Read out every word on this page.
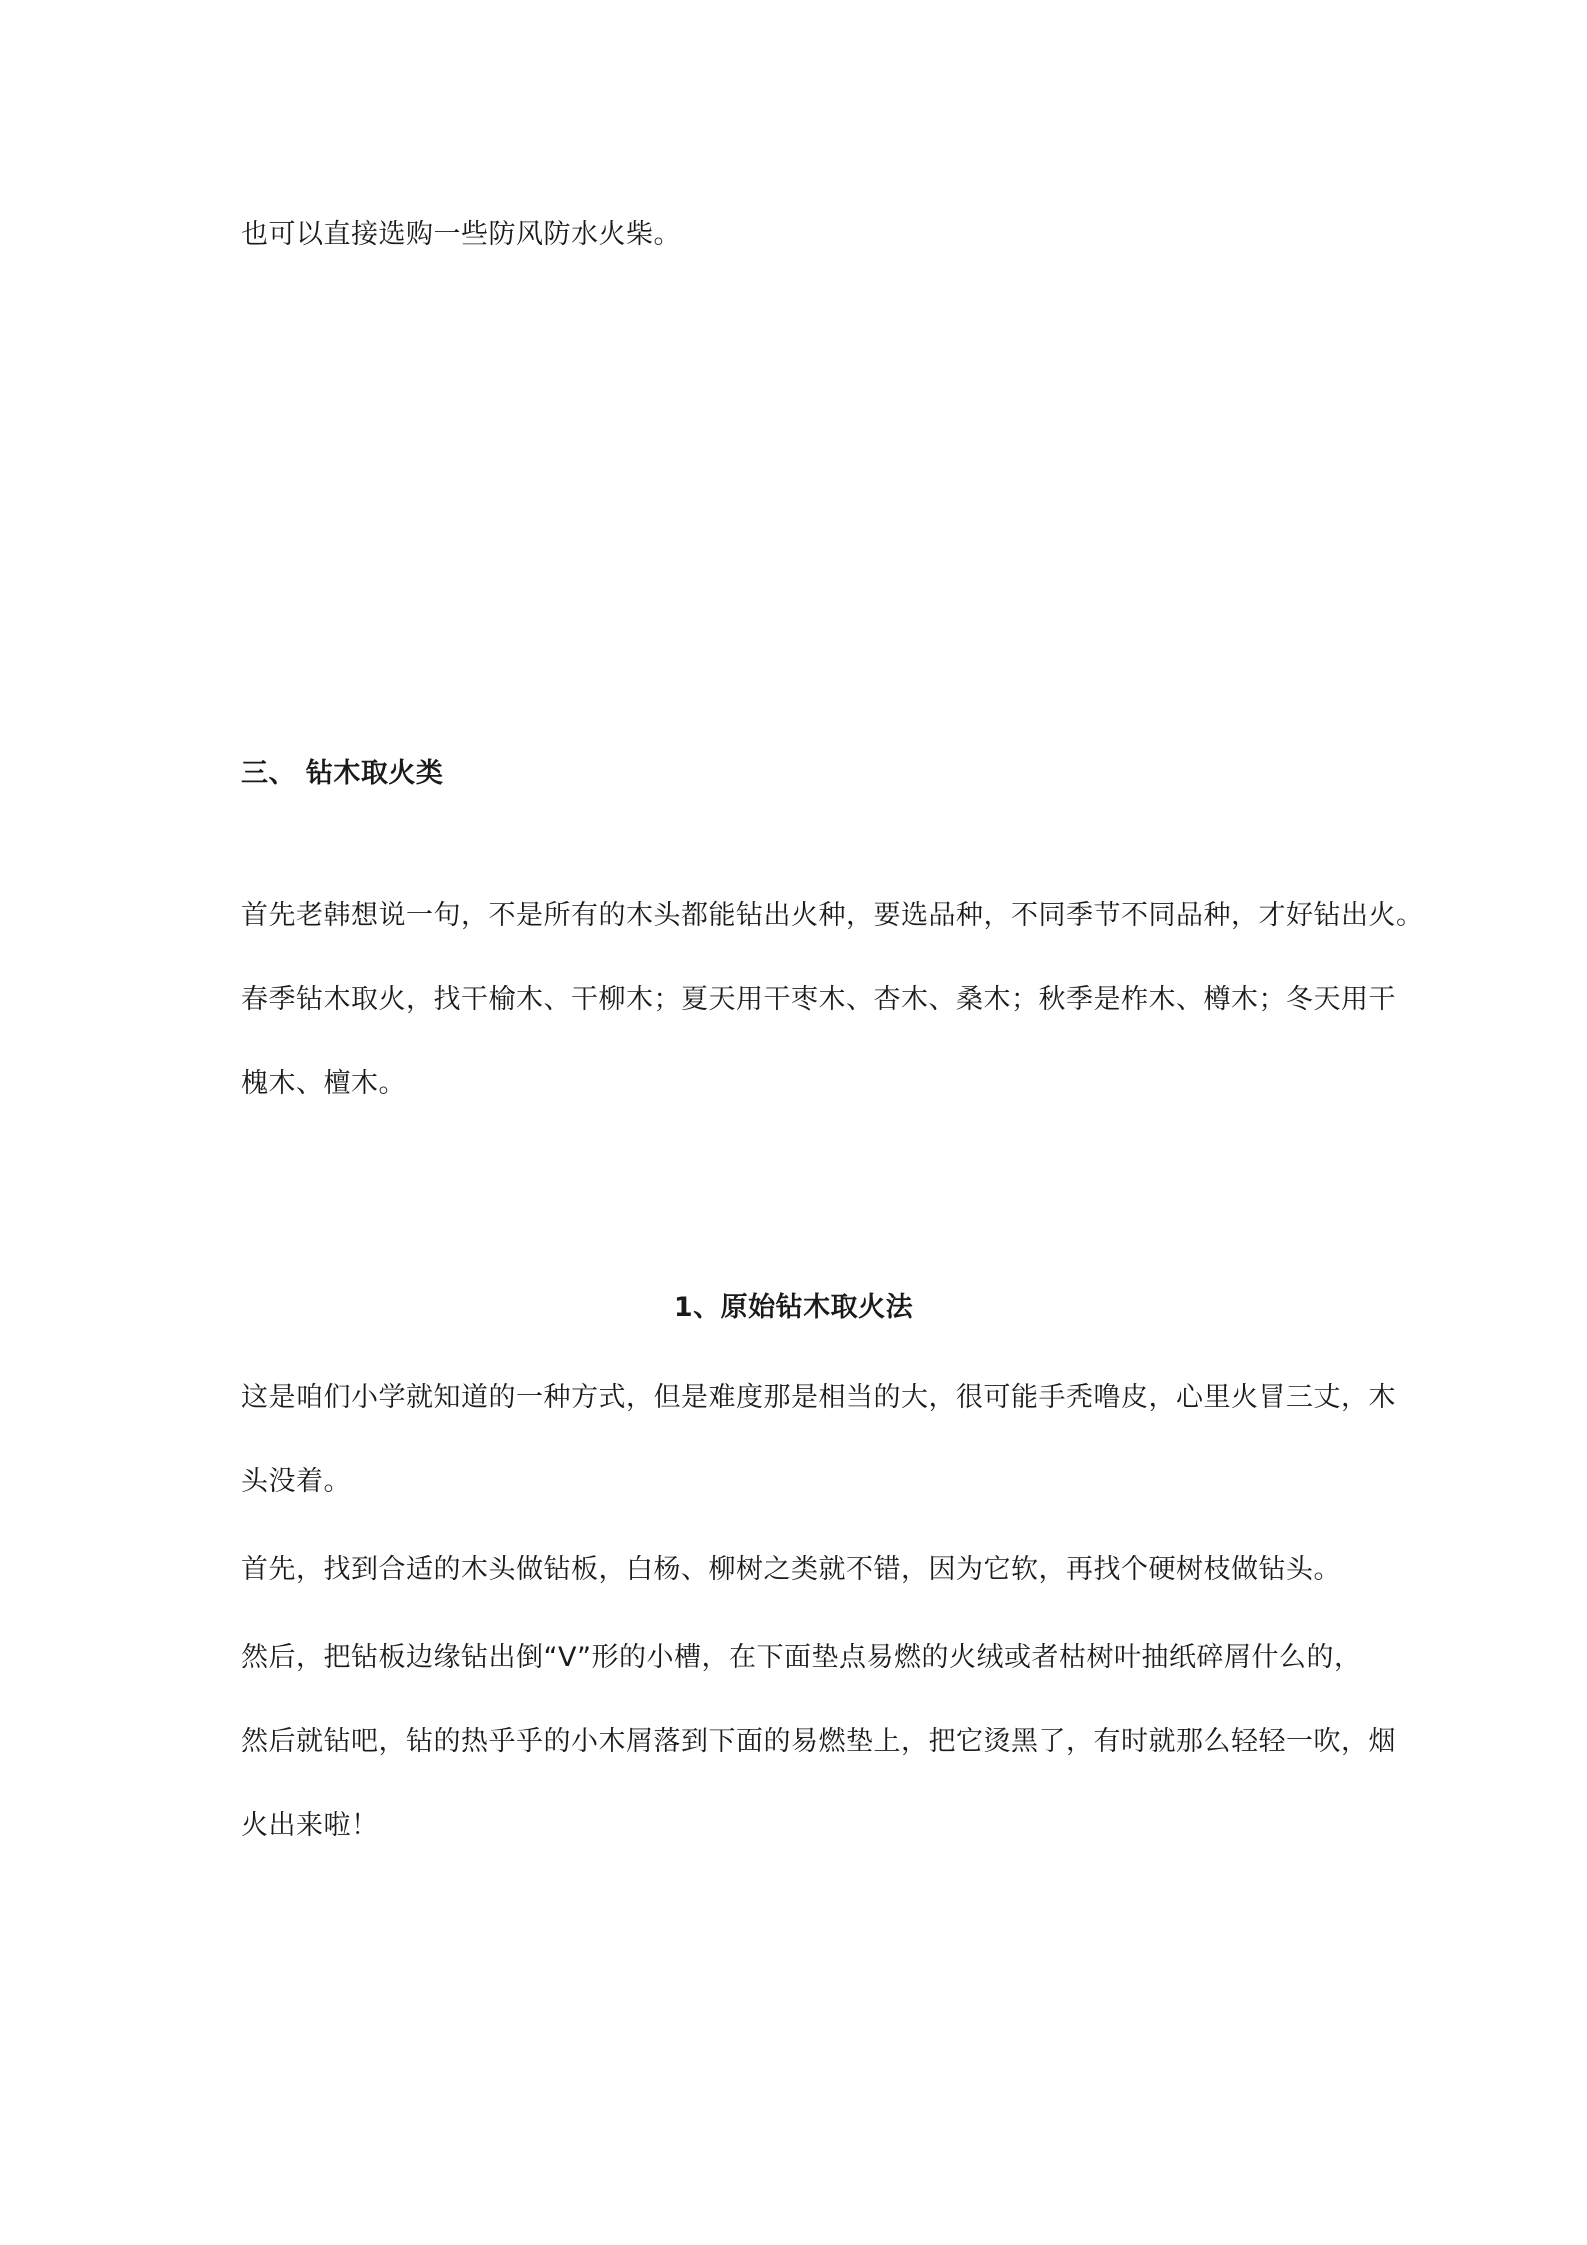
也可以直接选购一些防风防水火柴。
三、 钻木取火类
首先老韩想说一句，不是所有的木头都能钻出火种，要选品种，不同季节不同品种，才好钻出火。
春季钻木取火，找干榆木、干柳木；夏天用干枣木、杏木、桑木；秋季是柞木、樽木；冬天用干
槐木、檀木。
1、原始钻木取火法
这是咱们小学就知道的一种方式，但是难度那是相当的大，很可能手秃噜皮，心里火冒三丈，木
头没着。
首先，找到合适的木头做钻板，白杨、柳树之类就不错，因为它软，再找个硬树枝做钻头。
然后，把钻板边缘钻出倒“V”形的小槽，在下面垫点易燃的火绒或者枯树叶抽纸碎屑什么的，
然后就钻吧，钻的热乎乎的小木屑落到下面的易燃垫上，把它烫黑了，有时就那么轻轻一吹，烟
火出来啦！
